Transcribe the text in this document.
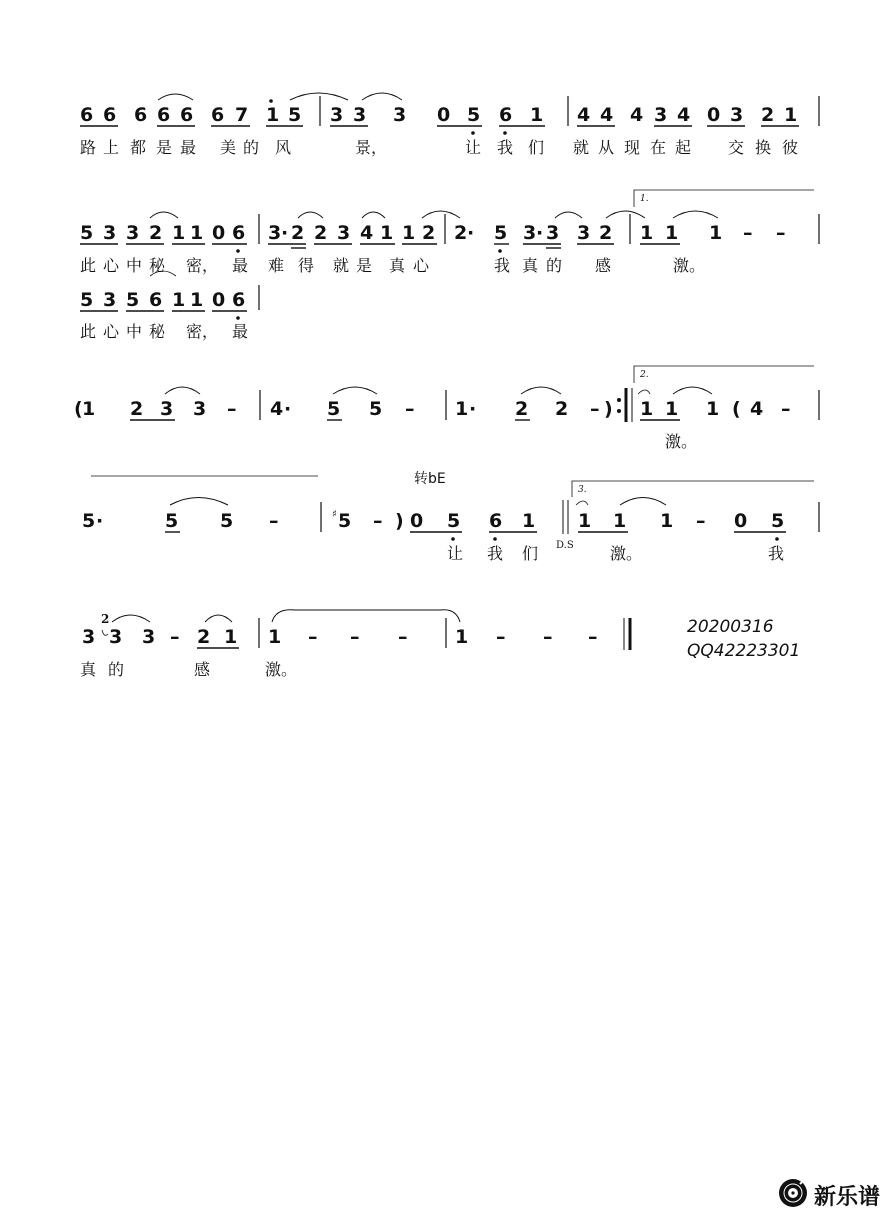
6 6 6 6 6 6 7 1 5 3 3 3 0 5 6 1 4 4 4 3 4 0 3 2 1
路 上 都 是 最 美 的 风	景，	让 我 们 就 从 现 在 起 交 换 彼
1.
5 3 3 2 1 1 0 6 3 · 2 2 3 4 1 1 2 2 · 5 3 · 3 3 2 1 1 1 – –
此 心 中 秘 密， 最 难 得 就 是 真 心	我 真 的 感	激。
5 3 5 6 1 1 0 6
此 心 中 秘 密， 最
2.
( 1 2 3 3 – 4 · 5 5 – 1 · 2 2 – ) 1 1 1 ( 4 –
激。
转bE
3.
5 ·	5 5 –	♯ 5 – ) 0 5 6 1
D.S
1 1 1 – 0 5
让 我 们	激。	我
3
2
3 3 – 2 1 1 – – –	1 – – –
真 的	感	激。
20200316
QQ42223301
新乐谱
